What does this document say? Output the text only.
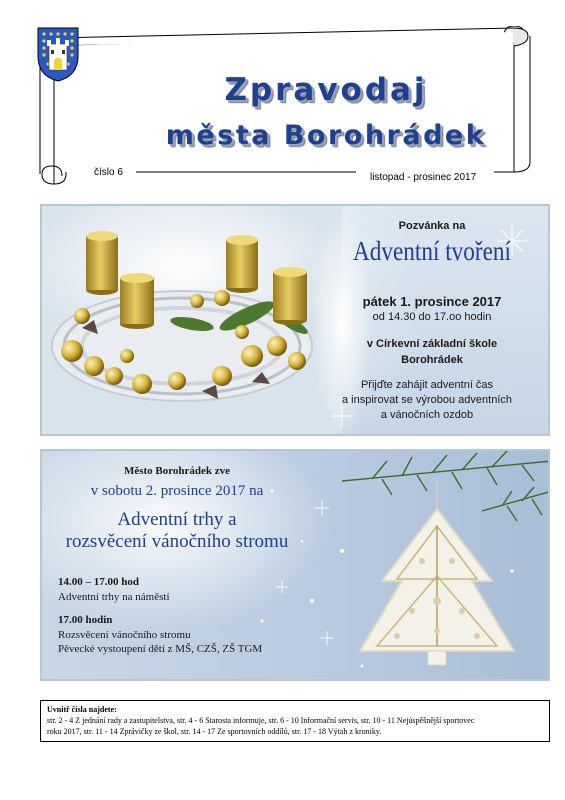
Zpravodaj
města Borohrádek
číslo 6	listopad - prosinec 2017
Pozvánka na
Adventní tvoření
pátek 1. prosince 2017
od 14.30 do 17.oo hodin
v Církevní základní škole
Borohrádek
Přijďte zahájit adventní čas
a inspirovat se výrobou adventních
a vánočních ozdob
Město Borohrádek zve
v sobotu 2. prosince 2017 na
Adventní trhy a
rozsvěcení vánočního stromu
14.00 – 17.00 hod
Adventní trhy na náměstí
17.00 hodin
Rozsvěcení vánočního stromu
Pěvecké vystoupení dětí z MŠ, CZŠ, ZŠ TGM
Uvnitř čísla najdete:
str. 2 - 4 Z jednání rady a zastupitelstva, str. 4 - 6 Starosta informuje, str. 6 - 10 Informační servis, str. 10 - 11 Nejúspěšnější sportovec
roku 2017, str. 11 - 14 Zprávičky ze škol, str. 14 - 17 Ze sportovních oddílů, str. 17 - 18 Výtah z kroniky.
